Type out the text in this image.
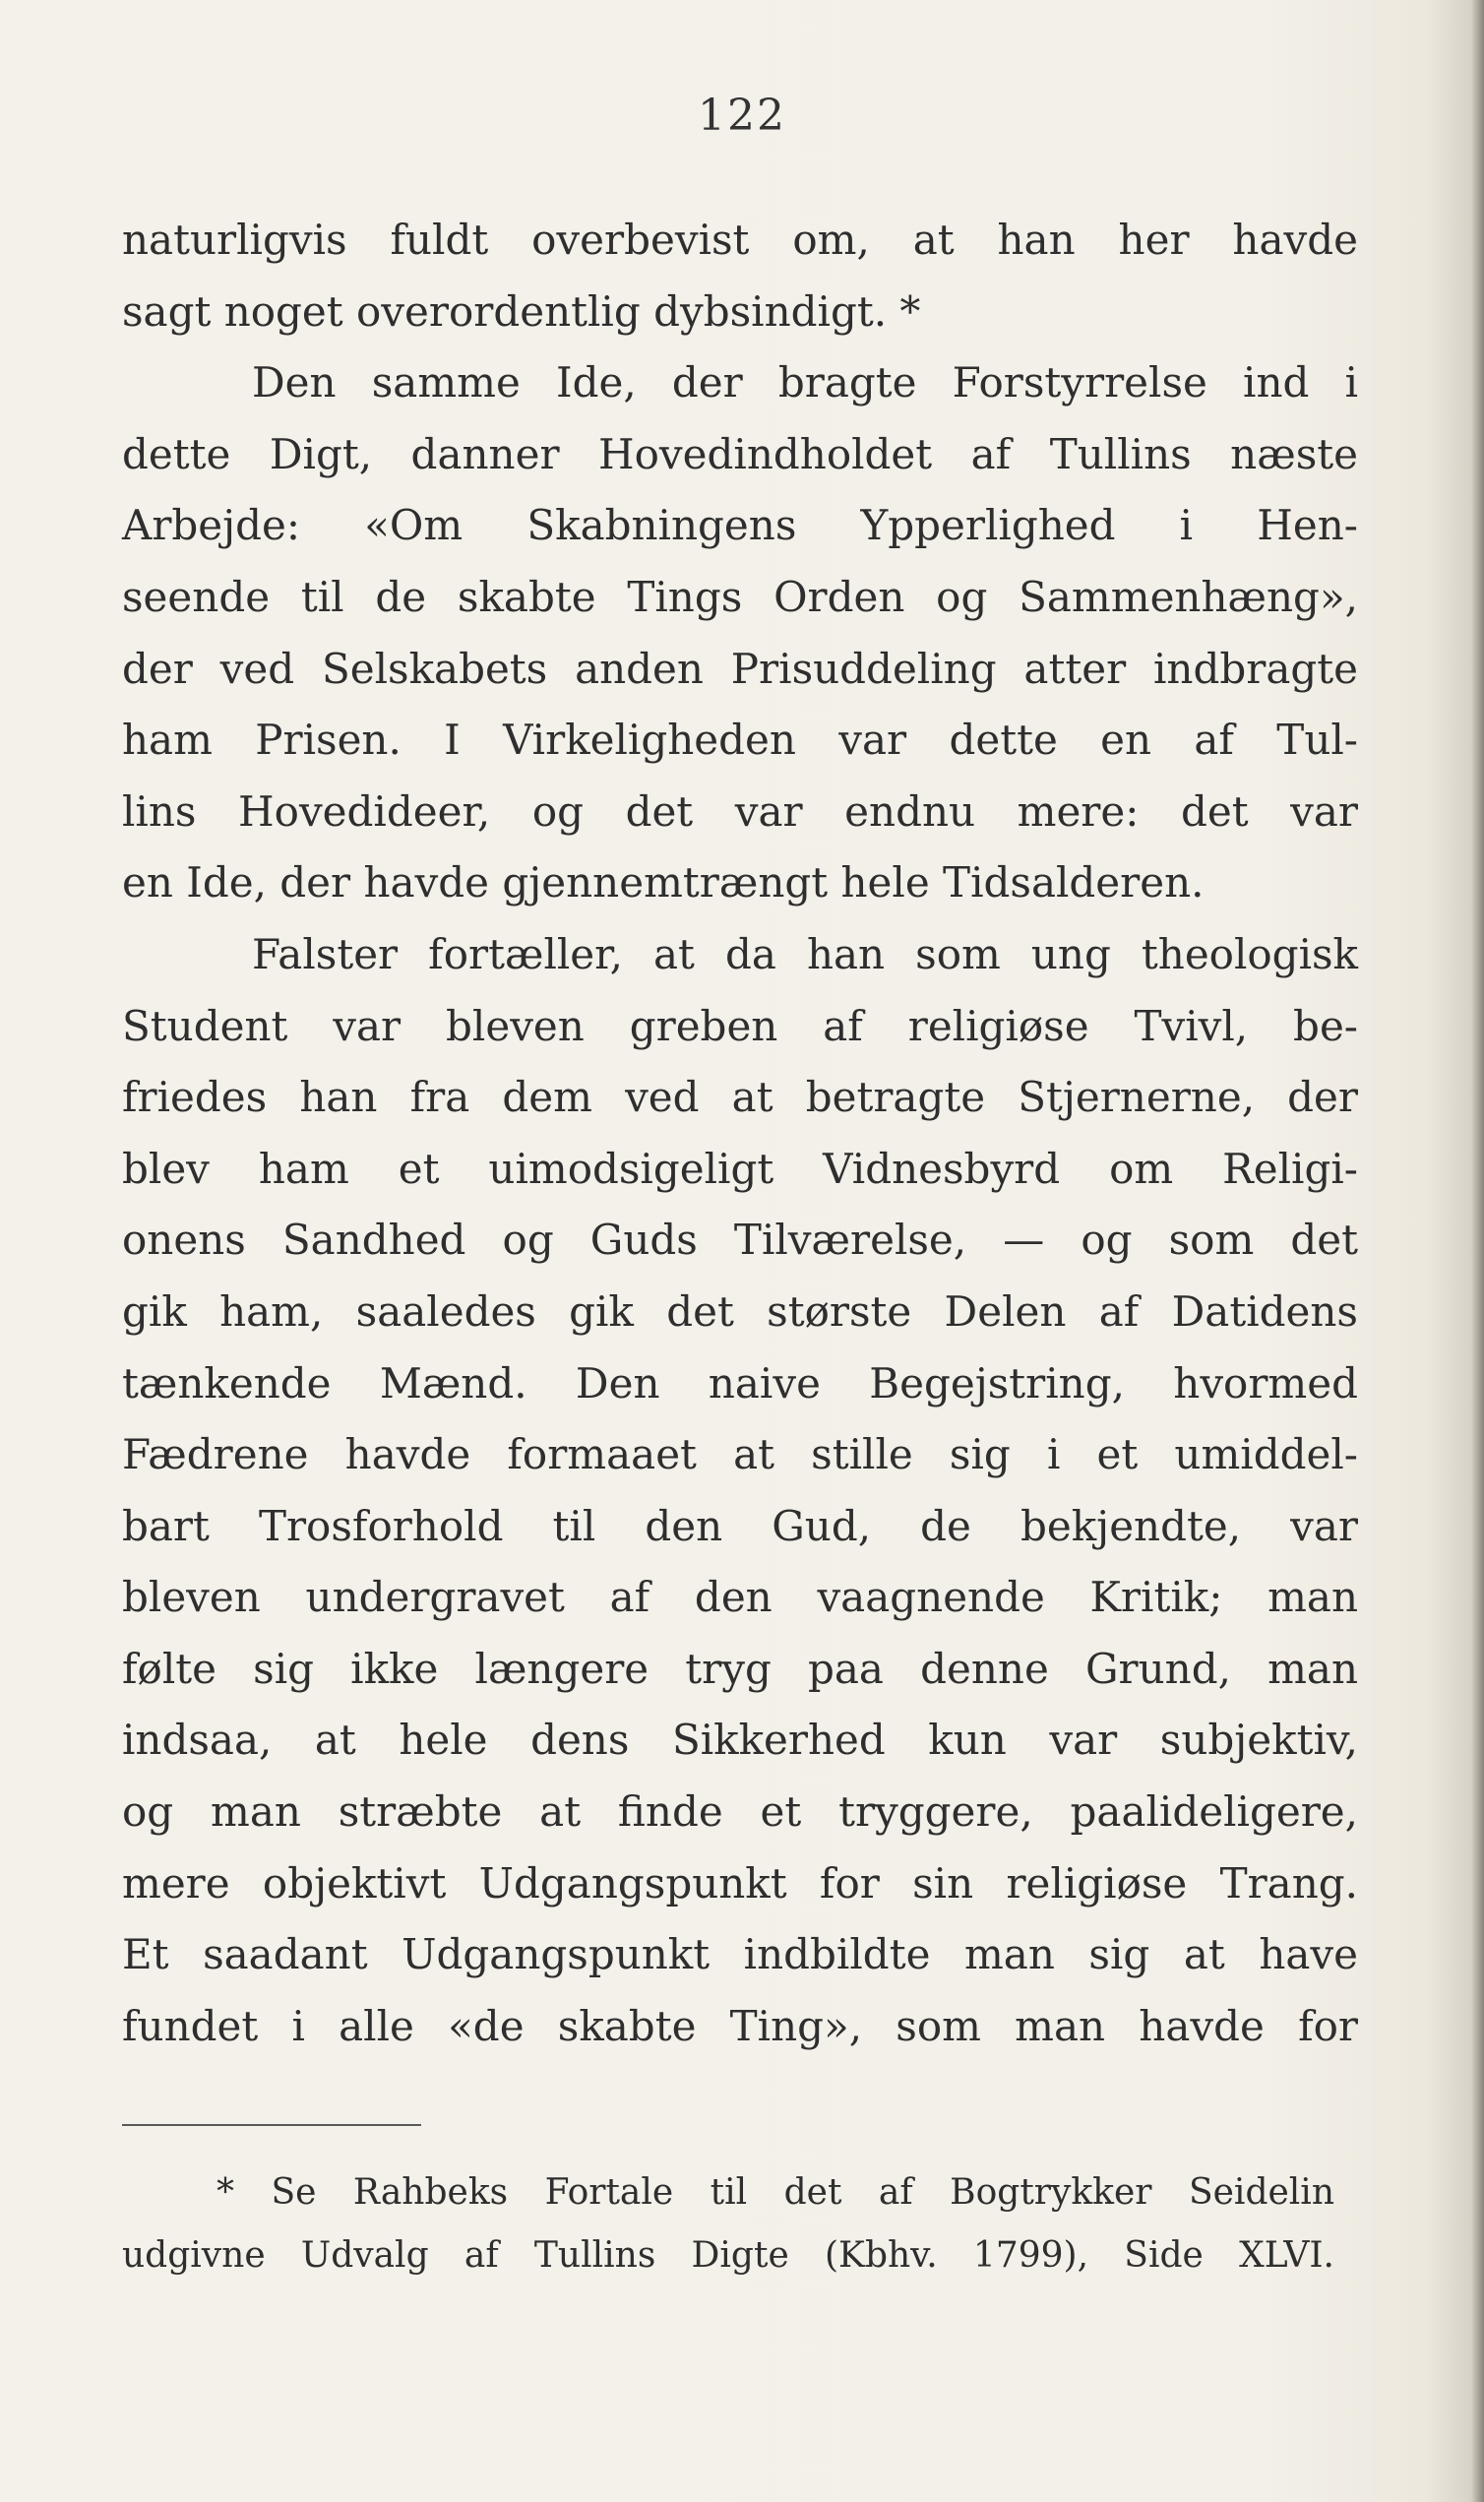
122
naturligvis fuldt overbevist om, at han her havde
sagt noget overordentlig dybsindigt. *
Den samme Ide, der bragte Forstyrrelse ind i
dette Digt, danner Hovedindholdet af Tullins næste
Arbejde: «Om Skabningens Ypperlighed i Hen-
seende til de skabte Tings Orden og Sammenhæng»,
der ved Selskabets anden Prisuddeling atter indbragte
ham Prisen. I Virkeligheden var dette en af Tul-
lins Hovedideer, og det var endnu mere: det var
en Ide, der havde gjennemtrængt hele Tidsalderen.
Falster fortæller, at da han som ung theologisk
Student var bleven greben af religiøse Tvivl, be-
friedes han fra dem ved at betragte Stjernerne, der
blev ham et uimodsigeligt Vidnesbyrd om Religi-
onens Sandhed og Guds Tilværelse, — og som det
gik ham, saaledes gik det største Delen af Datidens
tænkende Mænd. Den naive Begejstring, hvormed
Fædrene havde formaaet at stille sig i et umiddel-
bart Trosforhold til den Gud, de bekjendte, var
bleven undergravet af den vaagnende Kritik; man
følte sig ikke længere tryg paa denne Grund, man
indsaa, at hele dens Sikkerhed kun var subjektiv,
og man stræbte at finde et tryggere, paalideligere,
mere objektivt Udgangspunkt for sin religiøse Trang.
Et saadant Udgangspunkt indbildte man sig at have
fundet i alle «de skabte Ting», som man havde for
* Se Rahbeks Fortale til det af Bogtrykker Seidelin
udgivne Udvalg af Tullins Digte (Kbhv. 1799), Side XLVI.
